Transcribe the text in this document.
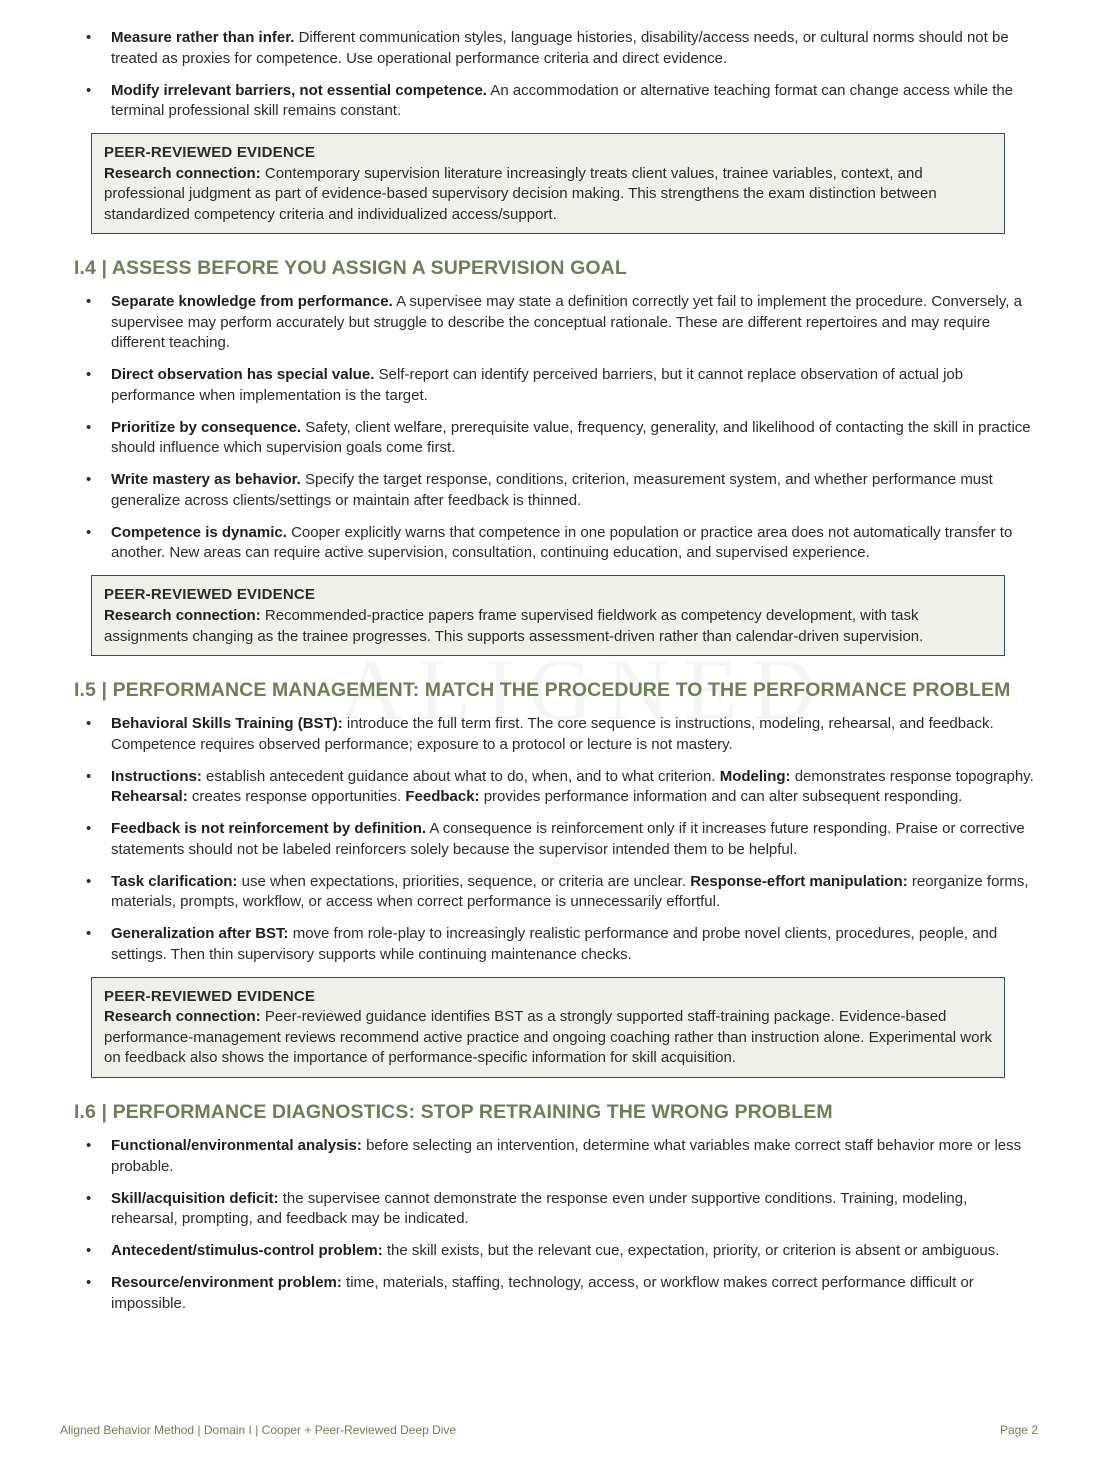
• Measure rather than infer. Different communication styles, language histories, disability/access needs, or cultural norms should not be treated as proxies for competence. Use operational performance criteria and direct evidence.
• Modify irrelevant barriers, not essential competence. An accommodation or alternative teaching format can change access while the terminal professional skill remains constant.
PEER-REVIEWED EVIDENCE
Research connection: Contemporary supervision literature increasingly treats client values, trainee variables, context, and professional judgment as part of evidence-based supervisory decision making. This strengthens the exam distinction between standardized competency criteria and individualized access/support.
I.4 | ASSESS BEFORE YOU ASSIGN A SUPERVISION GOAL
• Separate knowledge from performance. A supervisee may state a definition correctly yet fail to implement the procedure. Conversely, a supervisee may perform accurately but struggle to describe the conceptual rationale. These are different repertoires and may require different teaching.
• Direct observation has special value. Self-report can identify perceived barriers, but it cannot replace observation of actual job performance when implementation is the target.
• Prioritize by consequence. Safety, client welfare, prerequisite value, frequency, generality, and likelihood of contacting the skill in practice should influence which supervision goals come first.
• Write mastery as behavior. Specify the target response, conditions, criterion, measurement system, and whether performance must generalize across clients/settings or maintain after feedback is thinned.
• Competence is dynamic. Cooper explicitly warns that competence in one population or practice area does not automatically transfer to another. New areas can require active supervision, consultation, continuing education, and supervised experience.
PEER-REVIEWED EVIDENCE
Research connection: Recommended-practice papers frame supervised fieldwork as competency development, with task assignments changing as the trainee progresses. This supports assessment-driven rather than calendar-driven supervision.
I.5 | PERFORMANCE MANAGEMENT: MATCH THE PROCEDURE TO THE PERFORMANCE PROBLEM
• Behavioral Skills Training (BST): introduce the full term first. The core sequence is instructions, modeling, rehearsal, and feedback. Competence requires observed performance; exposure to a protocol or lecture is not mastery.
• Instructions: establish antecedent guidance about what to do, when, and to what criterion. Modeling: demonstrates response topography. Rehearsal: creates response opportunities. Feedback: provides performance information and can alter subsequent responding.
• Feedback is not reinforcement by definition. A consequence is reinforcement only if it increases future responding. Praise or corrective statements should not be labeled reinforcers solely because the supervisor intended them to be helpful.
• Task clarification: use when expectations, priorities, sequence, or criteria are unclear. Response-effort manipulation: reorganize forms, materials, prompts, workflow, or access when correct performance is unnecessarily effortful.
• Generalization after BST: move from role-play to increasingly realistic performance and probe novel clients, procedures, people, and settings. Then thin supervisory supports while continuing maintenance checks.
PEER-REVIEWED EVIDENCE
Research connection: Peer-reviewed guidance identifies BST as a strongly supported staff-training package. Evidence-based performance-management reviews recommend active practice and ongoing coaching rather than instruction alone. Experimental work on feedback also shows the importance of performance-specific information for skill acquisition.
I.6 | PERFORMANCE DIAGNOSTICS: STOP RETRAINING THE WRONG PROBLEM
• Functional/environmental analysis: before selecting an intervention, determine what variables make correct staff behavior more or less probable.
• Skill/acquisition deficit: the supervisee cannot demonstrate the response even under supportive conditions. Training, modeling, rehearsal, prompting, and feedback may be indicated.
• Antecedent/stimulus-control problem: the skill exists, but the relevant cue, expectation, priority, or criterion is absent or ambiguous.
• Resource/environment problem: time, materials, staffing, technology, access, or workflow makes correct performance difficult or impossible.
Aligned Behavior Method | Domain I | Cooper + Peer-Reviewed Deep Dive	Page 2
